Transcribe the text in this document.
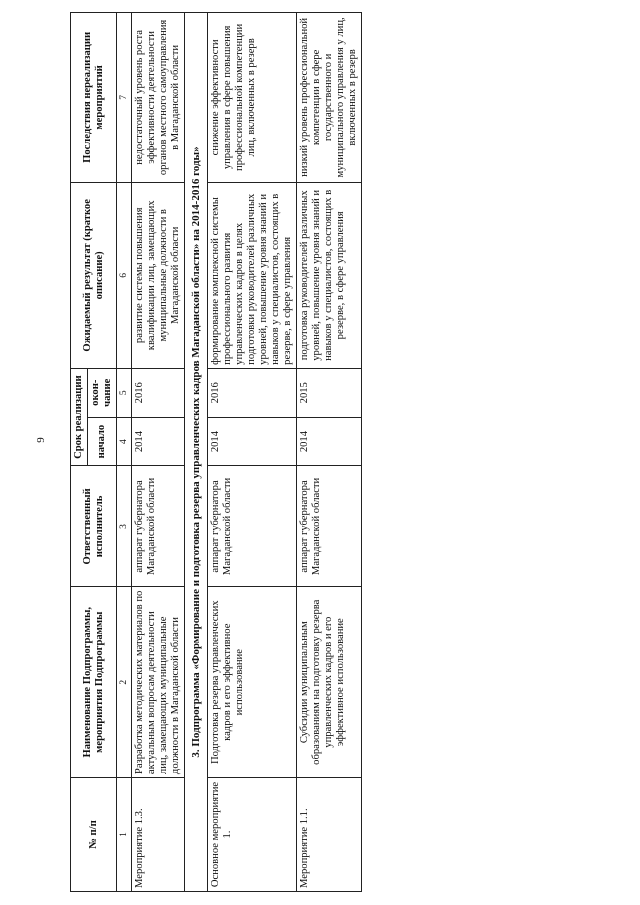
9
№ п/п	Наименование Подпрограммы, мероприятия Подпрограммы	Ответственный исполнитель	Срок реализации		Ожидаемый результат (краткое описание)	Последствия нереализации мероприятий
			начало	окон-чание		
1	2	3	4	5	6	7
Мероприятие 1.3.	Разработка методических материалов по актуальным вопросам деятельности лиц, замещающих муниципальные должности в Магаданской области	аппарат губернатора Магаданской области	2014	2016	развитие системы повышения квалификации лиц, замещающих муниципальные должности в Магаданской области	недостаточный уровень роста эффективности деятельности органов местного самоуправления в Магаданской области
3. Подпрограмма «Формирование и подготовка резерва управленческих кадров Магаданской области» на 2014-2016 годы»						
Основное мероприятие 1.	Подготовка резерва управленческих кадров и его эффективное использование	аппарат губернатора Магаданской области	2014	2016	формирование комплексной системы профессионального развития управленческих кадров в целях подготовки руководителей различных уровней, повышение уровня знаний и навыков у специалистов, состоящих в резерве, в сфере управления	снижение эффективности управления в сфере повышения профессиональной компетенции лиц, включенных в резерв
Мероприятие 1.1.	Субсидии муниципальным образованиям на подготовку резерва управленческих кадров и его эффективное использование	аппарат губернатора Магаданской области	2014	2015	подготовка руководителей различных уровней, повышение уровня знаний и навыков у специалистов, состоящих в резерве, в сфере управления	низкий уровень профессиональной компетенции в сфере государственного и муниципального управления у лиц, включенных в резерв
